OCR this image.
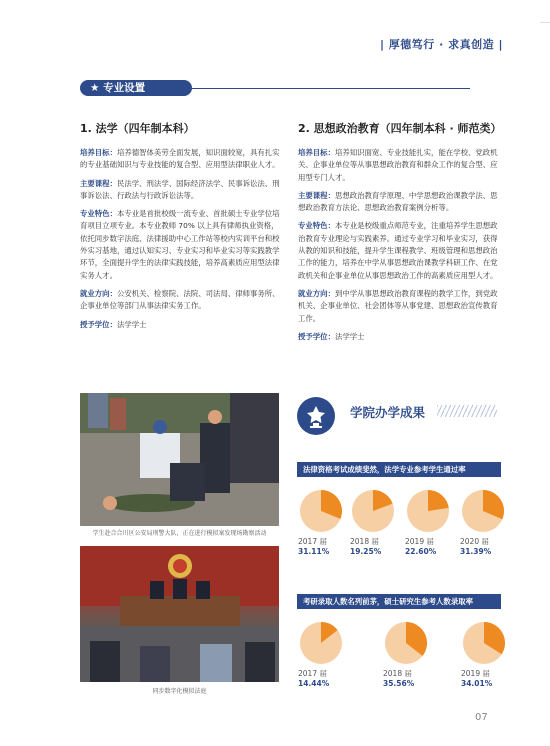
| 厚德笃行 · 求真创造 |
★ 专业设置
1. 法学（四年制本科）

培养目标：培养德智体美劳全面发展，知识面较宽，具有扎实的专业基础知识与专业技能的复合型、应用型法律职业人才。

主要课程：民法学、刑法学、国际经济法学、民事诉讼法、刑事诉讼法、行政法与行政诉讼法等。

专业特色：本专业是首批校级一流专业、首批硕士专业学位培育项目立项专业。本专业教师 70% 以上具有律师执业资格，依托同步数字法庭、法律援助中心工作站等校内实训平台和校外实习基地，通过认知实习、专业实习和毕业实习等实践教学环节，全面提升学生的法律实践技能，培养高素质应用型法律实务人才。

就业方向：公安机关、检察院、法院、司法局、律师事务所、企事业单位等部门从事法律实务工作。

授予学位：法学学士

2. 思想政治教育（四年制本科 · 师范类）

培养目标：培养知识面宽、专业技能扎实，能在学校、党政机关、企事业单位等从事思想政治教育和群众工作的复合型、应用型专门人才。

主要课程：思想政治教育学原理、中学思想政治课教学法、思想政治教育方法论、思想政治教育案例分析等。

专业特色：本专业是校级重点师范专业，注重培养学生思想政治教育专业理论与实践素养。通过专业学习和毕业实习，获得从教的知识和技能，提升学生课程教学、班级管理和思想政治工作的能力，培养在中学从事思想政治课教学科研工作、在党政机关和企事业单位从事思想政治工作的高素质应用型人才。

就业方向：到中学从事思想政治教育课程的教学工作，到党政机关、企事业单位、社会团体等从事党建、思想政治宣传教育工作。

授予学位：法学学士

学生赴合合川区公安局刑警大队，正在进行模拟案发现场勘察活动
同步数字化模拟法庭
学院办学成果
法律资格考试成绩斐然，法学专业参考学生通过率
2017 届
31.11%
2018 届
19.25%
2019 届
22.60%
2020 届
31.39%
考研录取人数名列前茅，硕士研究生参考人数录取率
2017 届
14.44%
2018 届
35.56%
2019 届
34.01%
07
